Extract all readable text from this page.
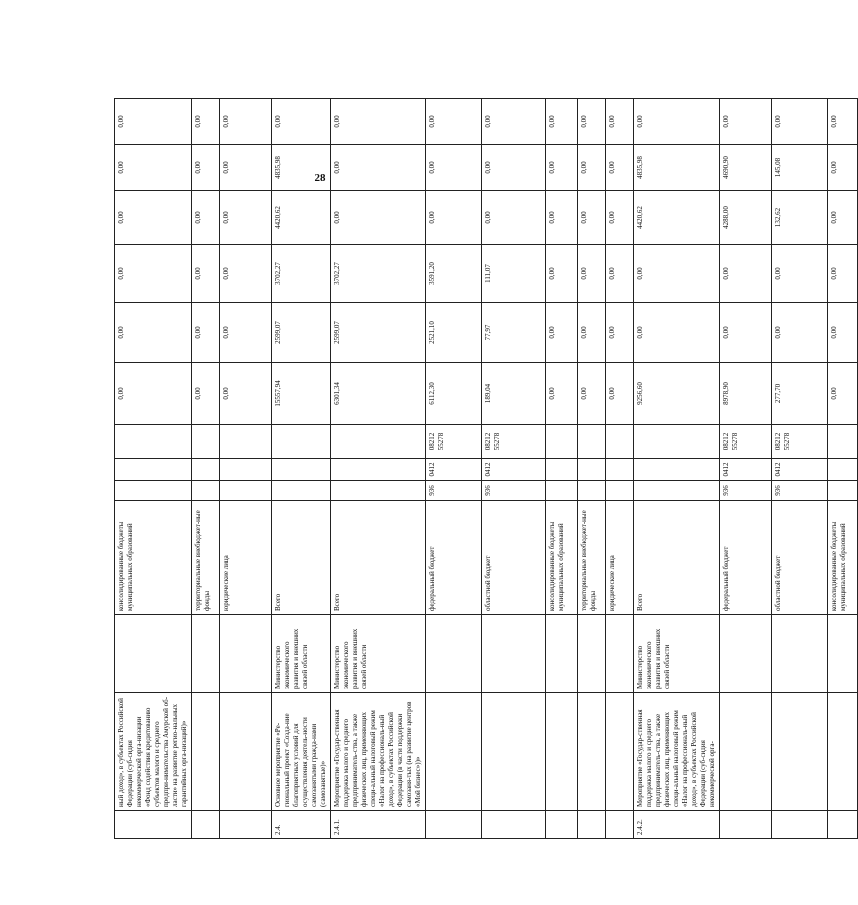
28
	ный доход», в субъектах Российской Федерации (суб-сидия некоммерческой орга-низации «Фонд содействия кредитованию субъектов малого и среднего предпри-нимательства Амурской об-ласти» на развитие регио-нальных гарантийных орга-низаций)»		консолидированные бюджеты муниципальных образований				0,00	0,00	0,00	0,00	0,00	0,00
			территориальные внебюджет-ные фонды				0,00	0,00	0,00	0,00	0,00	0,00
			юридические лица				0,00	0,00	0,00	0,00	0,00	0,00
2.4.	Основное мероприятие «Ре-гиональный проект «Созда-ние благоприятных условий для осуществления деятель-ности самозанятыми гражда-нами (самозанятые)»	Министерство экономического развития и внешних связей области	Всего				15557,94	2599,07	3702,27	4420,62	4835,98	0,00
2.4.1.	Мероприятие «Государ-ственная поддержка малого и среднего предприниматель-ства, а также физических лиц, применяющих специ-альный налоговый режим «Налог на профессиональ-ный доход», в субъектах Российской Федерации (в части поддержки самозаня-тых (на развитие центров «Мой бизнес»))»	Министерство экономического развития и внешних связей области	Всего				6301,34	2599,07	3702,27	0,00	0,00	0,00
			федеральный бюджет	936	0412	08212 55278	6112,30	2521,10	3591,20	0,00	0,00	0,00
			областной бюджет	936	0412	08212 55278	189,04	77,97	111,07	0,00	0,00	0,00
			консолидированные бюджеты муниципальных образований				0,00	0,00	0,00	0,00	0,00	0,00
			территориальные внебюджет-ные фонды				0,00	0,00	0,00	0,00	0,00	0,00
			юридические лица				0,00	0,00	0,00	0,00	0,00	0,00
2.4.2.	Мероприятие «Государ-ственная поддержка малого и среднего предприниматель-ства, а также физических лиц, применяющих специ-альный налоговый режим «Налог на профессиональ-ный доход», в субъектах Российской Федерации (суб-сидия некоммерческой орга-	Министерство экономического развития и внешних связей области	Всего				9256,60	0,00	0,00	4420,62	4835,98	0,00
			федеральный бюджет	936	0412	08212 55278	8978,90	0,00	0,00	4288,00	4690,90	0,00
			областной бюджет	936	0412	08212 55278	277,70	0,00	0,00	132,62	145,08	0,00
			консолидированные бюджеты муниципальных образований				0,00	0,00	0,00	0,00	0,00	0,00
